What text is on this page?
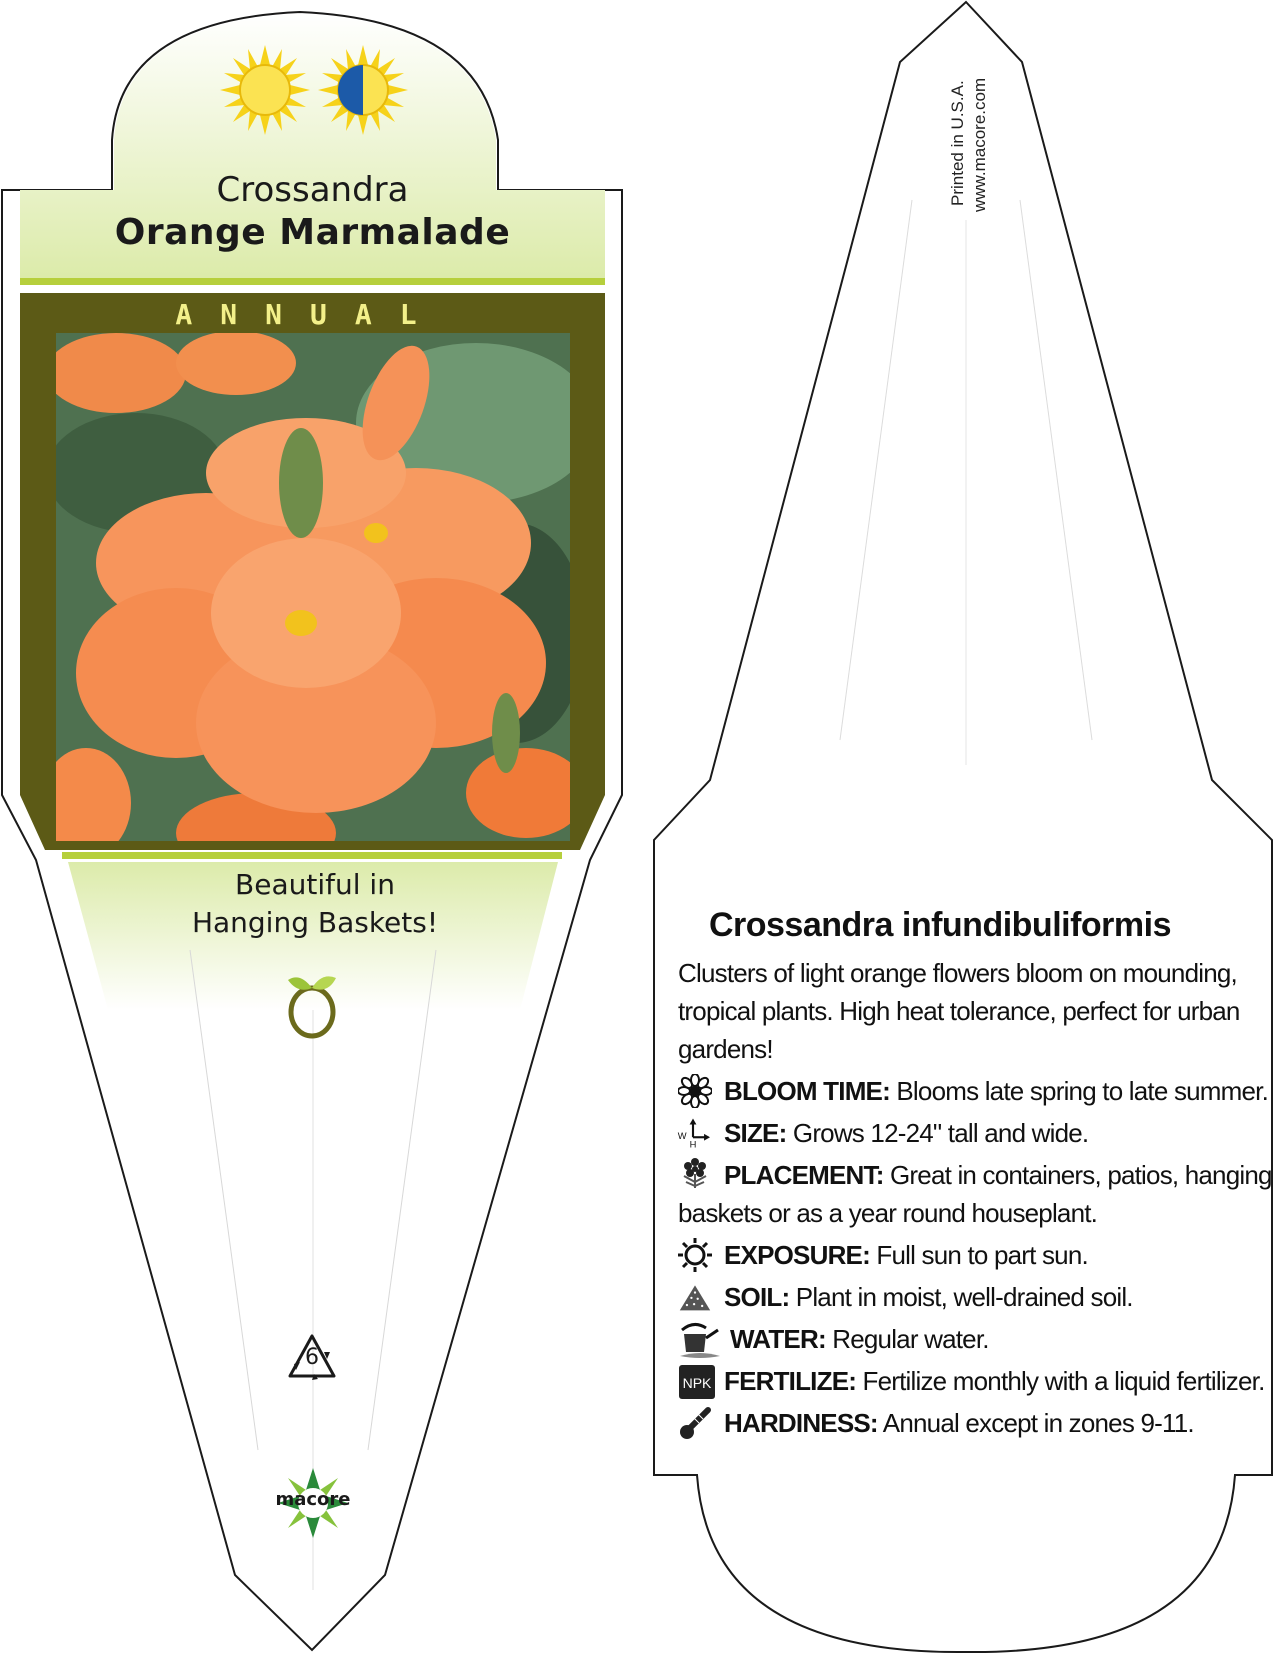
Crossandra
Orange Marmalade
ANNUAL
Beautiful in
Hanging Baskets!
6
macore
Printed in U.S.A. www.macore.com
Crossandra infundibuliformis
Clusters of light orange flowers bloom on mounding,
tropical plants. High heat tolerance, perfect for urban
gardens!
BLOOM TIME: Blooms late spring to late summer.
W
H SIZE: Grows 12-24" tall and wide.
PLACEMENT: Great in containers, patios, hanging
baskets or as a year round houseplant.
EXPOSURE: Full sun to part sun.
SOIL: Plant in moist, well-drained soil.
WATER: Regular water.
NPK FERTILIZE: Fertilize monthly with a liquid fertilizer.
HARDINESS: Annual except in zones 9-11.
